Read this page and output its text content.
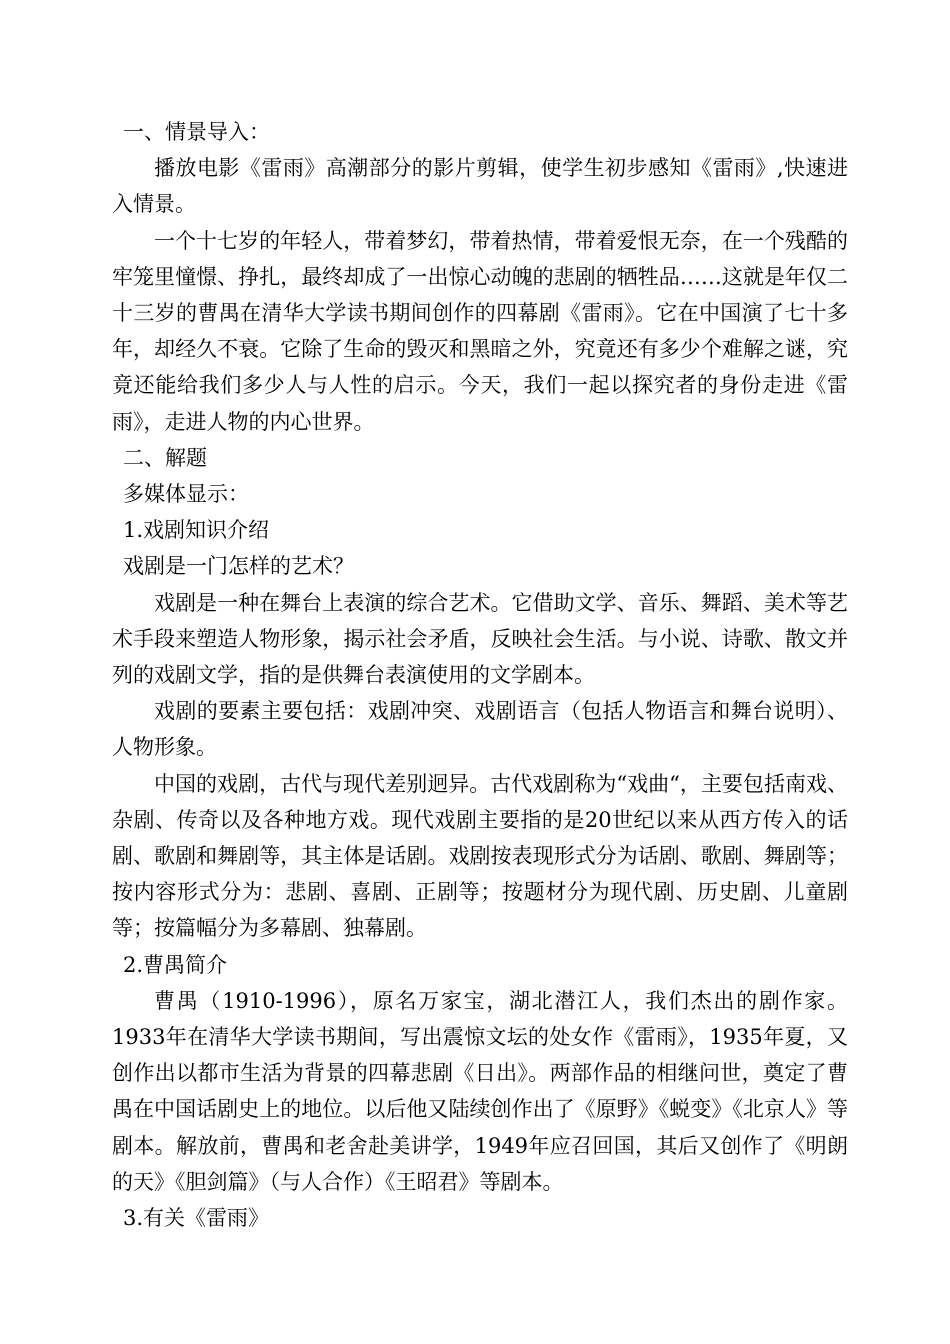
一、情景导入：

播放电影《雷雨》高潮部分的影片剪辑，使学生初步感知《雷雨》,快速进入情景。

一个十七岁的年轻人，带着梦幻，带着热情，带着爱恨无奈，在一个残酷的牢笼里憧憬、挣扎，最终却成了一出惊心动魄的悲剧的牺牲品……这就是年仅二十三岁的曹禺在清华大学读书期间创作的四幕剧《雷雨》。它在中国演了七十多年，却经久不衰。它除了生命的毁灭和黑暗之外，究竟还有多少个难解之谜，究竟还能给我们多少人与人性的启示。今天，我们一起以探究者的身份走进《雷雨》，走进人物的内心世界。

二、解题
多媒体显示：
1.戏剧知识介绍
戏剧是一门怎样的艺术？

戏剧是一种在舞台上表演的综合艺术。它借助文学、音乐、舞蹈、美术等艺术手段来塑造人物形象，揭示社会矛盾，反映社会生活。与小说、诗歌、散文并列的戏剧文学，指的是供舞台表演使用的文学剧本。

戏剧的要素主要包括：戏剧冲突、戏剧语言（包括人物语言和舞台说明）、人物形象。

中国的戏剧，古代与现代差别迥异。古代戏剧称为“戏曲“，主要包括南戏、杂剧、传奇以及各种地方戏。现代戏剧主要指的是20世纪以来从西方传入的话剧、歌剧和舞剧等，其主体是话剧。戏剧按表现形式分为话剧、歌剧、舞剧等；按内容形式分为：悲剧、喜剧、正剧等；按题材分为现代剧、历史剧、儿童剧等；按篇幅分为多幕剧、独幕剧。

2.曹禺简介

曹禺（1910-1996），原名万家宝，湖北潜江人，我们杰出的剧作家。1933年在清华大学读书期间，写出震惊文坛的处女作《雷雨》，1935年夏，又创作出以都市生活为背景的四幕悲剧《日出》。两部作品的相继问世，奠定了曹禺在中国话剧史上的地位。以后他又陆续创作出了《原野》《蜕变》《北京人》等剧本。解放前，曹禺和老舍赴美讲学，1949年应召回国，其后又创作了《明朗的天》《胆剑篇》（与人合作）《王昭君》等剧本。

3.有关《雷雨》
